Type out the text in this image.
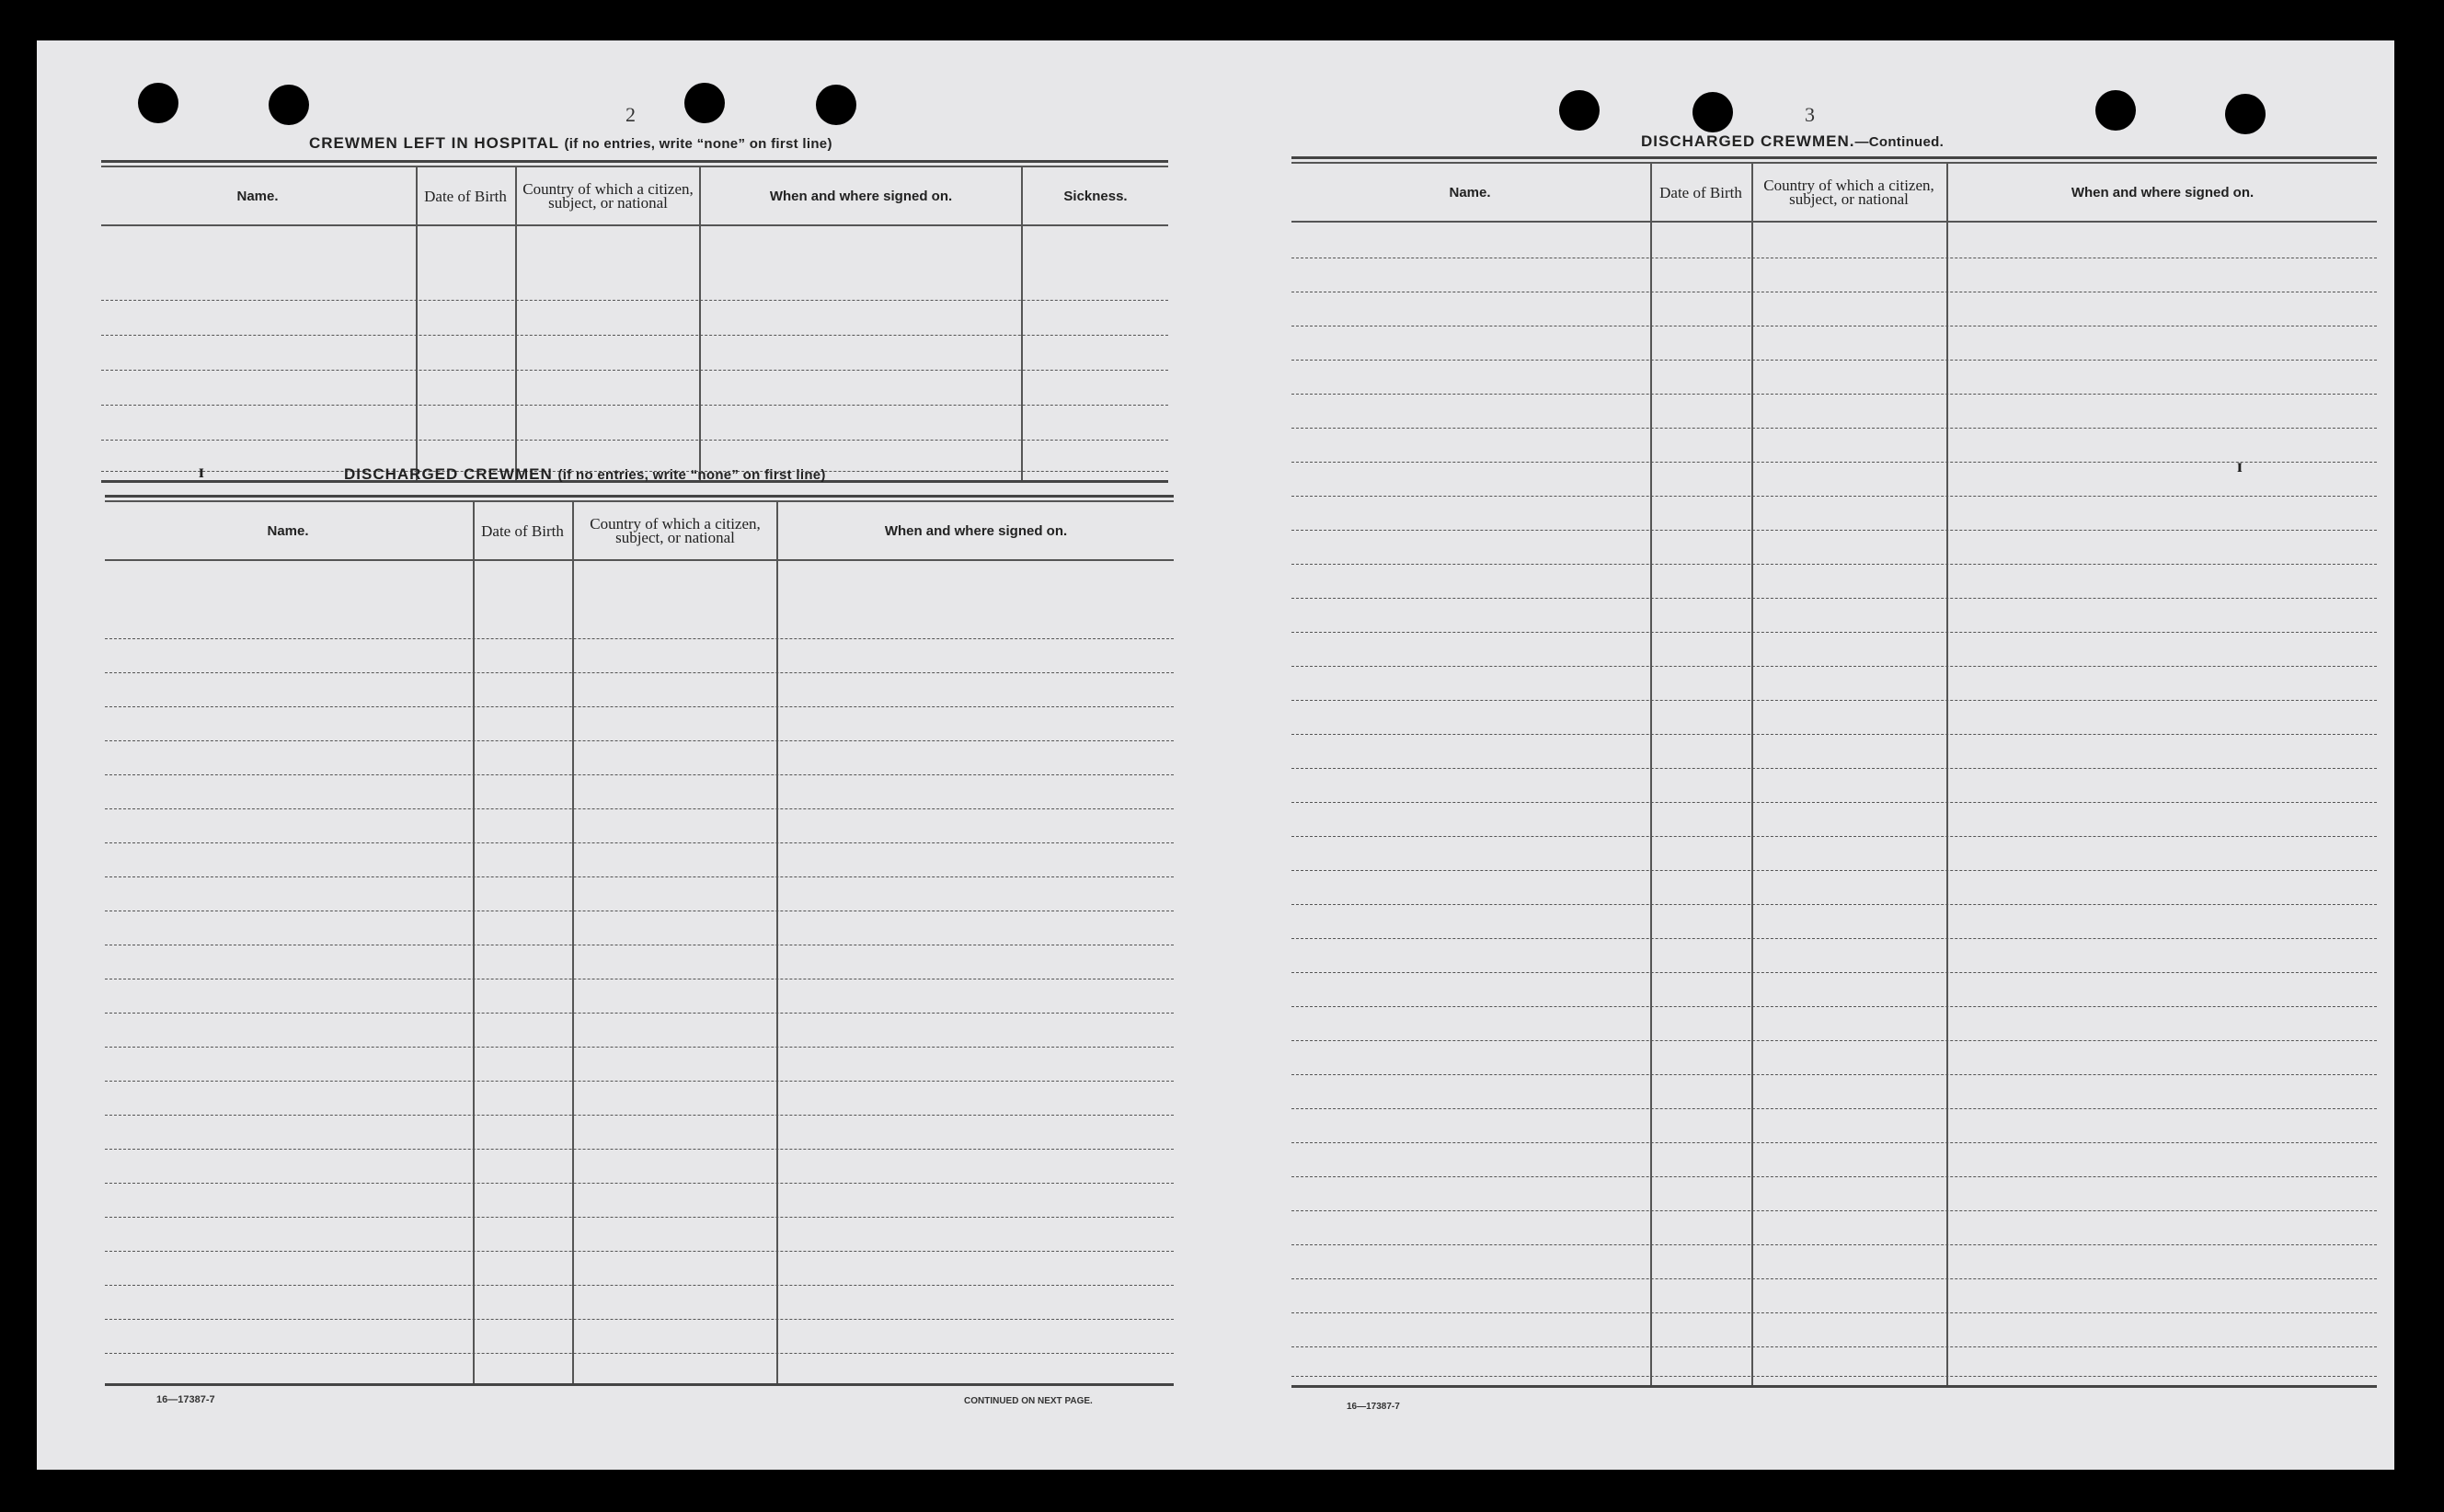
2
CREWMEN LEFT IN HOSPITAL (if no entries, write “none” on first line)
Name.	Date of Birth	Country of which a citizen, subject, or national	When and where signed on.	Sickness.
ɪ	DISCHARGED CREWMEN (if no entries, write “none” on first line)
Name.	Date of Birth	Country of which a citizen, subject, or national	When and where signed on.
16—17387-7	CONTINUED ON NEXT PAGE.
3
DISCHARGED CREWMEN.—Continued.
Name.	Date of Birth	Country of which a citizen, subject, or national	When and where signed on.
ɪ
16—17387-7
